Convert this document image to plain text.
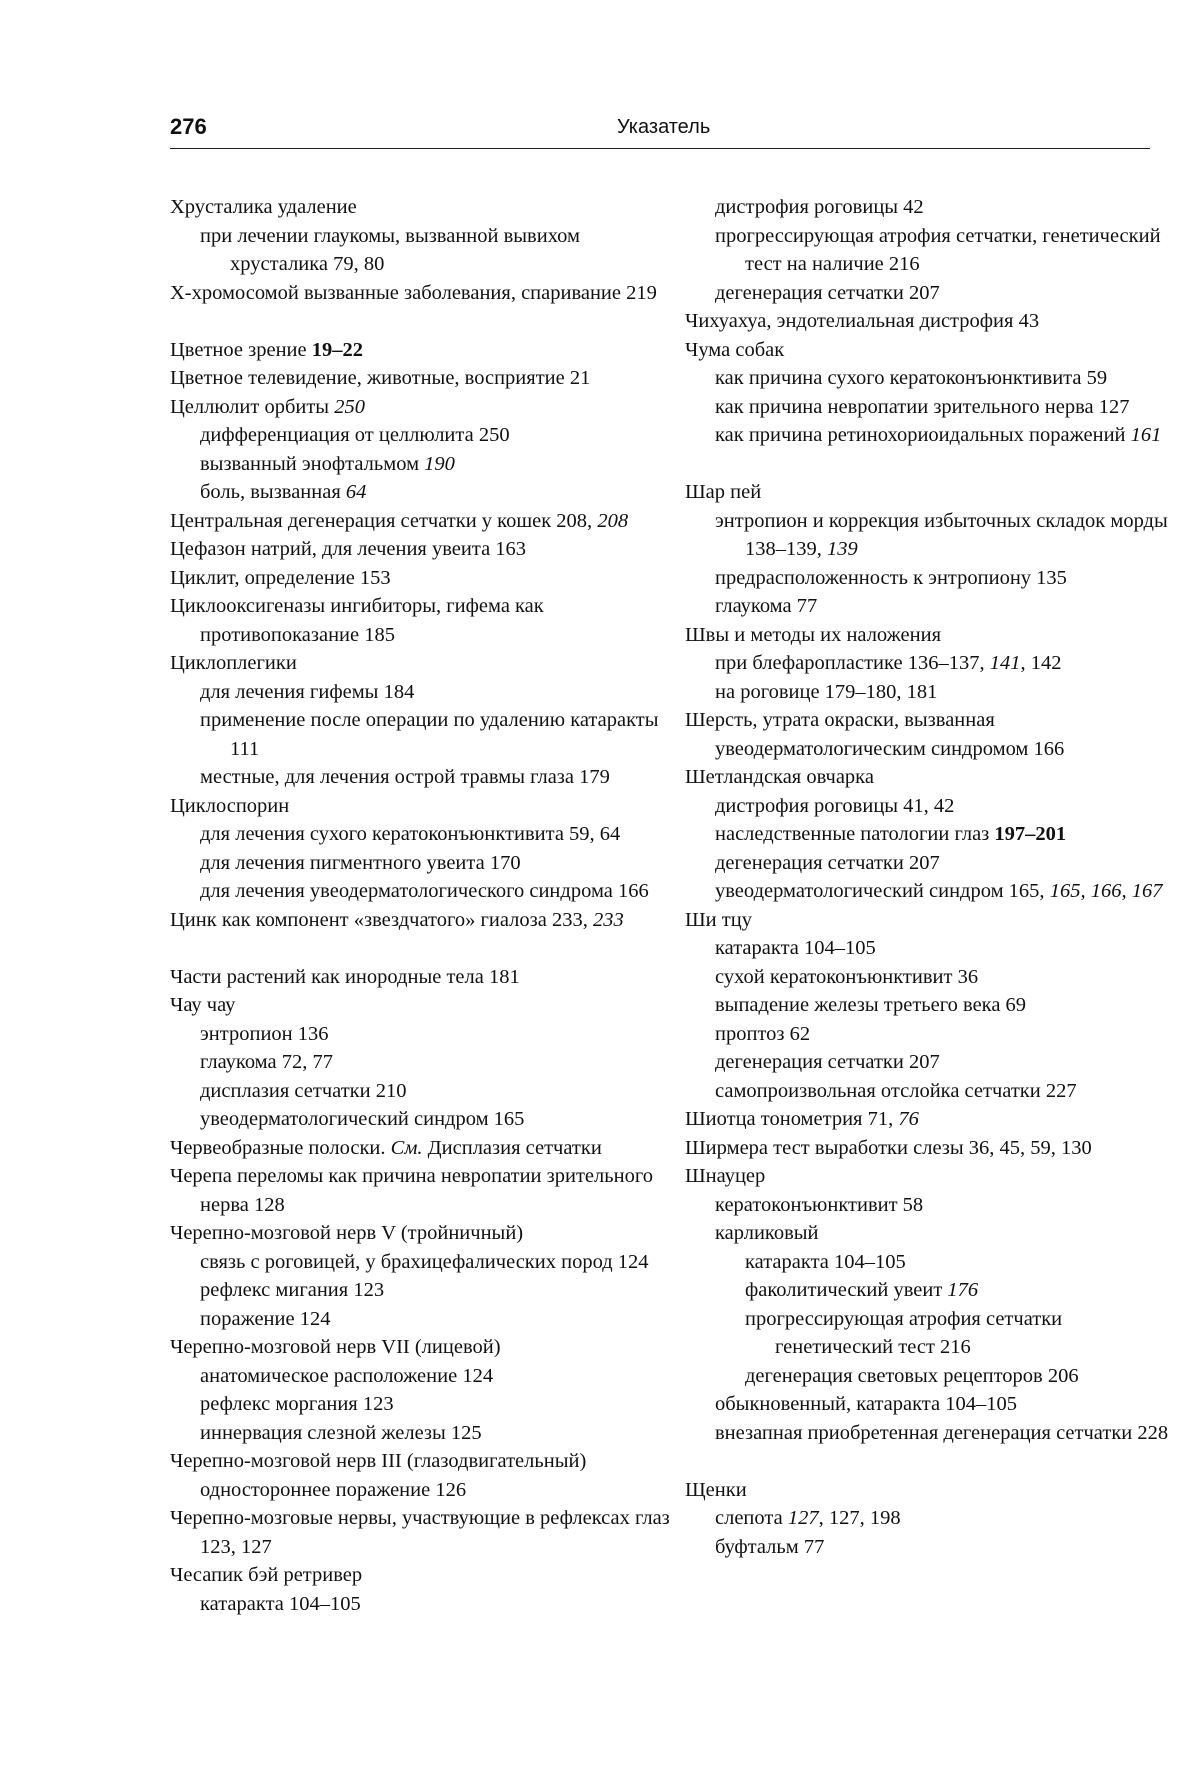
276	Указатель

Хрусталика удаление

при лечении глаукомы, вызванной вывихом хрусталика 79, 80

Х-хромосомой вызванные заболевания, спаривание 219

Цветное зрение 19–22

Цветное телевидение, животные, восприятие 21

Целлюлит орбиты 250

дифференциация от целлюлита 250

вызванный энофтальмом 190

боль, вызванная 64

Центральная дегенерация сетчатки у кошек 208, 208

Цефазон натрий, для лечения увеита 163

Циклит, определение 153

Циклооксигеназы ингибиторы, гифема как противопоказание 185

Циклоплегики

для лечения гифемы 184

применение после операции по удалению катаракты 111

местные, для лечения острой травмы глаза 179

Циклоспорин

для лечения сухого кератоконъюнктивита 59, 64

для лечения пигментного увеита 170

для лечения увеодерматологического синдрома 166

Цинк как компонент «звездчатого» гиалоза 233, 233

Части растений как инородные тела 181

Чау чау

энтропион 136

глаукома 72, 77

дисплазия сетчатки 210

увеодерматологический синдром 165

Червеобразные полоски. См. Дисплазия сетчатки

Черепа переломы как причина невропатии зрительного нерва 128

Черепно-мозговой нерв V (тройничный)

связь с роговицей, у брахицефалических пород 124

рефлекс мигания 123

поражение 124

Черепно-мозговой нерв VII (лицевой)

анатомическое расположение 124

рефлекс моргания 123

иннервация слезной железы 125

Черепно-мозговой нерв III (глазодвигательный)

одностороннее поражение 126

Черепно-мозговые нервы, участвующие в рефлексах глаз 123, 127

Чесапик бэй ретривер

катаракта 104–105

дистрофия роговицы 42

прогрессирующая атрофия сетчатки, генетический тест на наличие 216

дегенерация сетчатки 207

Чихуахуа, эндотелиальная дистрофия 43

Чума собак

как причина сухого кератоконъюнктивита 59

как причина невропатии зрительного нерва 127

как причина ретинохориоидальных поражений 161

Шар пей

энтропион и коррекция избыточных складок морды 138–139, 139

предрасположенность к энтропиону 135

глаукома 77

Швы и методы их наложения

при блефаропластике 136–137, 141, 142

на роговице 179–180, 181

Шерсть, утрата окраски, вызванная увеодерматологическим синдромом 166

Шетландская овчарка

дистрофия роговицы 41, 42

наследственные патологии глаз 197–201

дегенерация сетчатки 207

увеодерматологический синдром 165, 165, 166, 167

Ши тцу

катаракта 104–105

сухой кератоконъюнктивит 36

выпадение железы третьего века 69

проптоз 62

дегенерация сетчатки 207

самопроизвольная отслойка сетчатки 227

Шиотца тонометрия 71, 76

Ширмера тест выработки слезы 36, 45, 59, 130

Шнауцер

кератоконъюнктивит 58

карликовый

катаракта 104–105

факолитический увеит 176

прогрессирующая атрофия сетчатки генетический тест 216

дегенерация световых рецепторов 206

обыкновенный, катаракта 104–105

внезапная приобретенная дегенерация сетчатки 228

Щенки

слепота 127, 127, 198

буфтальм 77
